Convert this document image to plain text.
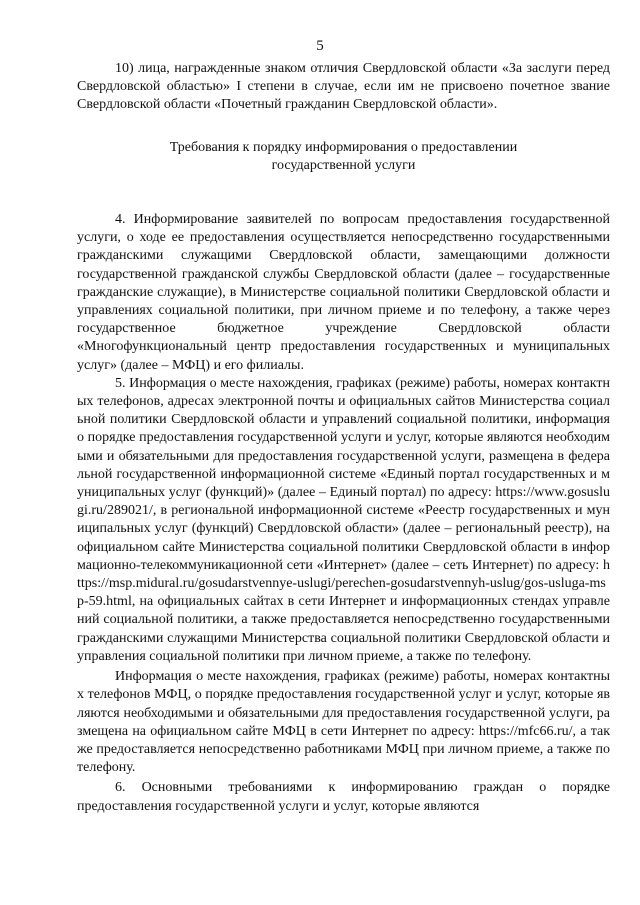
5

10) лица, награжденные знаком отличия Свердловской области «За заслуги перед Свердловской областью» I степени в случае, если им не присвоено почетное звание Свердловской области «Почетный гражданин Свердловской области».

Требования к порядку информирования о предоставлении
государственной услуги

4. Информирование заявителей по вопросам предоставления государственной услуги, о ходе ее предоставления осуществляется непосредственно государственными гражданскими служащими Свердловской области, замещающими должности государственной гражданской службы Свердловской области (далее – государственные гражданские служащие), в Министерстве социальной политики Свердловской области и управлениях социальной политики, при личном приеме и по телефону, а также через государственное бюджетное учреждение Свердловской области «Многофункциональный центр предоставления государственных и муниципальных услуг» (далее – МФЦ) и его филиалы.

5. Информация о месте нахождения, графиках (режиме) работы, номерах контактных телефонов, адресах электронной почты и официальных сайтов Министерства социальной политики Свердловской области и управлений социальной политики, информация о порядке предоставления государственной услуги и услуг, которые являются необходимыми и обязательными для предоставления государственной услуги, размещена в федеральной государственной информационной системе «Единый портал государственных и муниципальных услуг (функций)» (далее – Единый портал) по адресу: https://www.gosuslugi.ru/289021/, в региональной информационной системе «Реестр государственных и муниципальных услуг (функций) Свердловской области» (далее – региональный реестр), на официальном сайте Министерства социальной политики Свердловской области в информационно-телекоммуникационной сети «Интернет» (далее – сеть Интернет) по адресу: https://msp.midural.ru/gosudarstvennye-uslugi/perechen-gosudarstvennyh-uslug/gos-usluga-msp-59.html, на официальных сайтах в сети Интернет и информационных стендах управлений социальной политики, а также предоставляется непосредственно государственными гражданскими служащими Министерства социальной политики Свердловской области и управления социальной политики при личном приеме, а также по телефону.

Информация о месте нахождения, графиках (режиме) работы, номерах контактных телефонов МФЦ, о порядке предоставления государственной услуг и услуг, которые являются необходимыми и обязательными для предоставления государственной услуги, размещена на официальном сайте МФЦ в сети Интернет по адресу: https://mfc66.ru/, а также предоставляется непосредственно работниками МФЦ при личном приеме, а также по телефону.

6. Основными требованиями к информированию граждан о порядке предоставления государственной услуги и услуг, которые являются
